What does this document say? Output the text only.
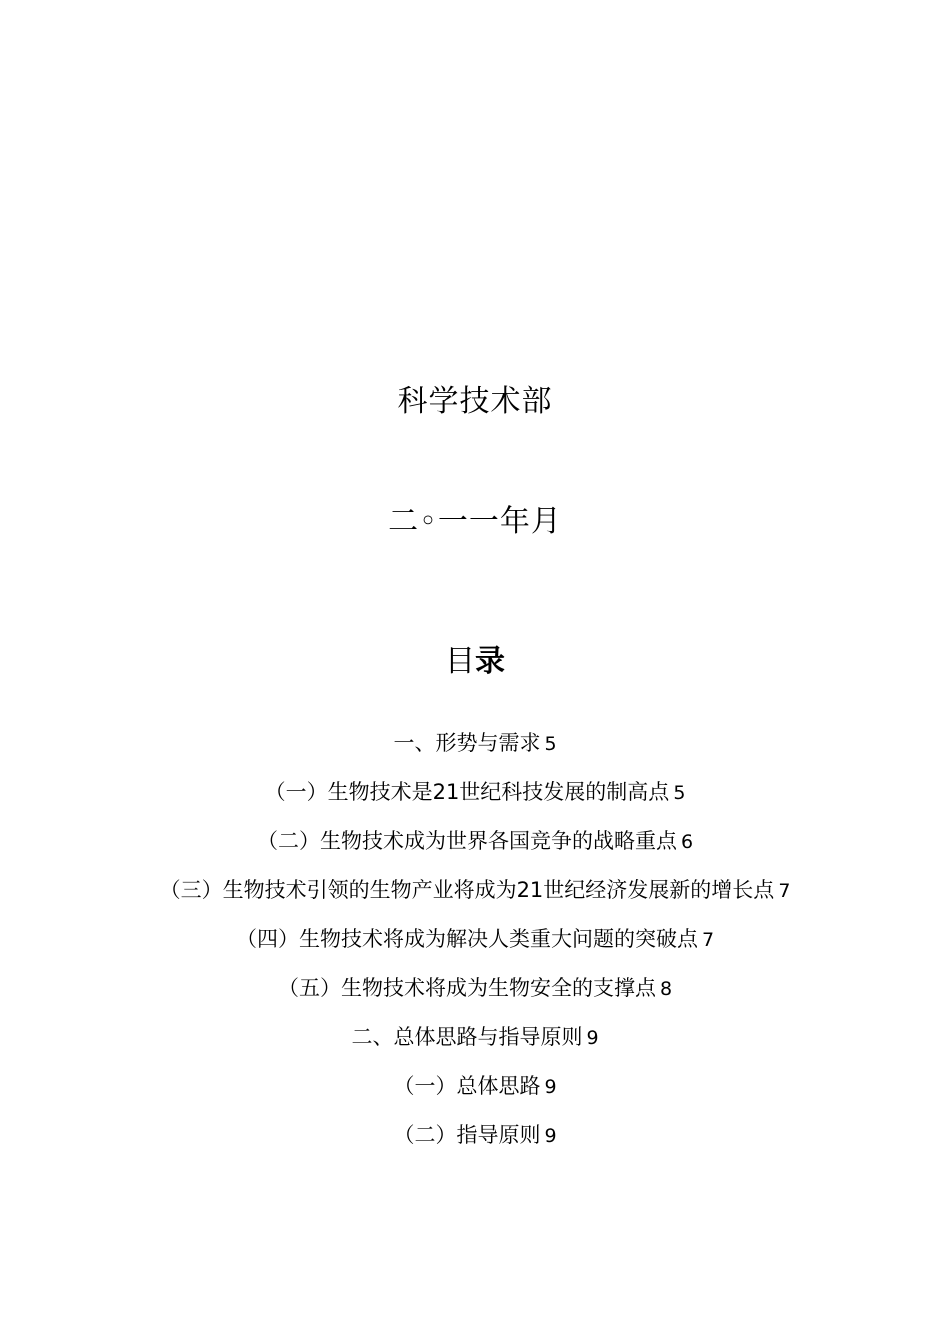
科学技术部
二◦一一年月
目录
一、形势与需求 5
（一）生物技术是21世纪科技发展的制高点 5
（二）生物技术成为世界各国竞争的战略重点 6
（三）生物技术引领的生物产业将成为21世纪经济发展新的增长点 7
（四）生物技术将成为解决人类重大问题的突破点 7
（五）生物技术将成为生物安全的支撑点 8
二、总体思路与指导原则 9
（一）总体思路 9
（二）指导原则 9
